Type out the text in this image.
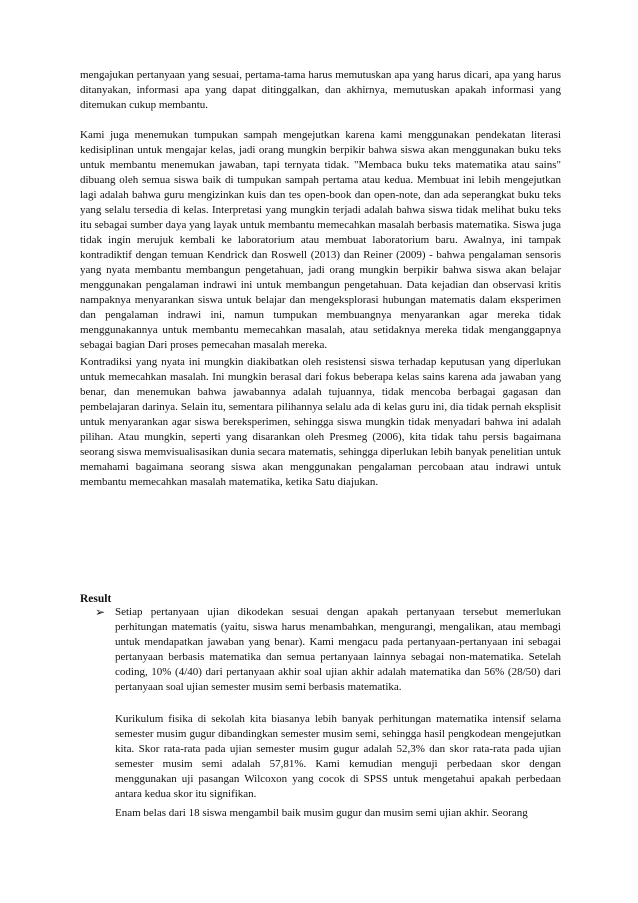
mengajukan pertanyaan yang sesuai, pertama-tama harus memutuskan apa yang harus dicari, apa yang harus ditanyakan, informasi apa yang dapat ditinggalkan, dan akhirnya, memutuskan apakah informasi yang ditemukan cukup membantu.

Kami juga menemukan tumpukan sampah mengejutkan karena kami menggunakan pendekatan literasi kedisiplinan untuk mengajar kelas, jadi orang mungkin berpikir bahwa siswa akan menggunakan buku teks untuk membantu menemukan jawaban, tapi ternyata tidak. "Membaca buku teks matematika atau sains" dibuang oleh semua siswa baik di tumpukan sampah pertama atau kedua. Membuat ini lebih mengejutkan lagi adalah bahwa guru mengizinkan kuis dan tes open-book dan open-note, dan ada seperangkat buku teks yang selalu tersedia di kelas. Interpretasi yang mungkin terjadi adalah bahwa siswa tidak melihat buku teks itu sebagai sumber daya yang layak untuk membantu memecahkan masalah berbasis matematika. Siswa juga tidak ingin merujuk kembali ke laboratorium atau membuat laboratorium baru. Awalnya, ini tampak kontradiktif dengan temuan Kendrick dan Roswell (2013) dan Reiner (2009) - bahwa pengalaman sensoris yang nyata membantu membangun pengetahuan, jadi orang mungkin berpikir bahwa siswa akan belajar menggunakan pengalaman indrawi ini untuk membangun pengetahuan. Data kejadian dan observasi kritis nampaknya menyarankan siswa untuk belajar dan mengeksplorasi hubungan matematis dalam eksperimen dan pengalaman indrawi ini, namun tumpukan membuangnya menyarankan agar mereka tidak menggunakannya untuk membantu memecahkan masalah, atau setidaknya mereka tidak menganggapnya sebagai bagian Dari proses pemecahan masalah mereka.

Kontradiksi yang nyata ini mungkin diakibatkan oleh resistensi siswa terhadap keputusan yang diperlukan untuk memecahkan masalah. Ini mungkin berasal dari fokus beberapa kelas sains karena ada jawaban yang benar, dan menemukan bahwa jawabannya adalah tujuannya, tidak mencoba berbagai gagasan dan pembelajaran darinya. Selain itu, sementara pilihannya selalu ada di kelas guru ini, dia tidak pernah eksplisit untuk menyarankan agar siswa bereksperimen, sehingga siswa mungkin tidak menyadari bahwa ini adalah pilihan. Atau mungkin, seperti yang disarankan oleh Presmeg (2006), kita tidak tahu persis bagaimana seorang siswa memvisualisasikan dunia secara matematis, sehingga diperlukan lebih banyak penelitian untuk memahami bagaimana seorang siswa akan menggunakan pengalaman percobaan atau indrawi untuk membantu memecahkan masalah matematika, ketika Satu diajukan.

Result

➢ Setiap pertanyaan ujian dikodekan sesuai dengan apakah pertanyaan tersebut memerlukan perhitungan matematis (yaitu, siswa harus menambahkan, mengurangi, mengalikan, atau membagi untuk mendapatkan jawaban yang benar). Kami mengacu pada pertanyaan-pertanyaan ini sebagai pertanyaan berbasis matematika dan semua pertanyaan lainnya sebagai non-matematika. Setelah coding, 10% (4/40) dari pertanyaan akhir soal ujian akhir adalah matematika dan 56% (28/50) dari pertanyaan soal ujian semester musim semi berbasis matematika.

Kurikulum fisika di sekolah kita biasanya lebih banyak perhitungan matematika intensif selama semester musim gugur dibandingkan semester musim semi, sehingga hasil pengkodean mengejutkan kita. Skor rata-rata pada ujian semester musim gugur adalah 52,3% dan skor rata-rata pada ujian semester musim semi adalah 57,81%. Kami kemudian menguji perbedaan skor dengan menggunakan uji pasangan Wilcoxon yang cocok di SPSS untuk mengetahui apakah perbedaan antara kedua skor itu signifikan.

Enam belas dari 18 siswa mengambil baik musim gugur dan musim semi ujian akhir. Seorang
